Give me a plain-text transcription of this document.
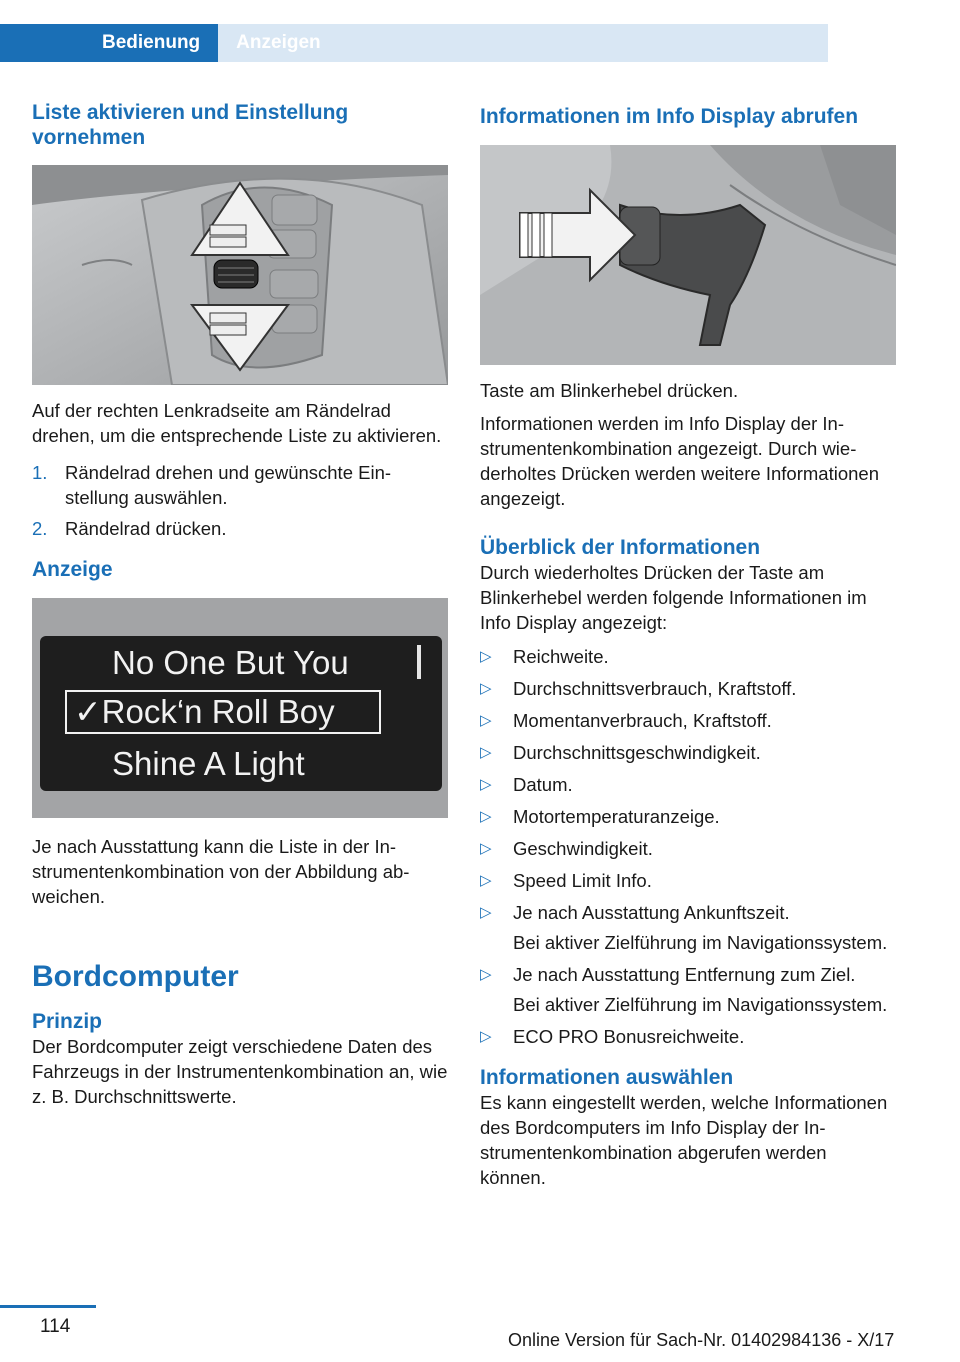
Bedienung	Anzeigen
Liste aktivieren und Einstellung vornehmen

Auf der rechten Lenkradseite am Rändelrad drehen, um die entsprechende Liste zu aktivieren.

1. Rändelrad drehen und gewünschte Einstellung auswählen.
2. Rändelrad drücken.
Anzeige
No One But You
✓Rock‘n Roll Boy
Shine A Light

Je nach Ausstattung kann die Liste in der Instrumentenkombination von der Abbildung abweichen.

Bordcomputer
Prinzip

Der Bordcomputer zeigt verschiedene Daten des Fahrzeugs in der Instrumentenkombination an, wie z. B. Durchschnittswerte.

Informationen im Info Display abrufen

Taste am Blinkerhebel drücken.

Informationen werden im Info Display der Instrumentenkombination angezeigt. Durch wiederholtes Drücken werden weitere Informationen angezeigt.

Überblick der Informationen

Durch wiederholtes Drücken der Taste am Blinkerhebel werden folgende Informationen im Info Display angezeigt:

▷ Reichweite.
▷ Durchschnittsverbrauch, Kraftstoff.
▷ Momentanverbrauch, Kraftstoff.
▷ Durchschnittsgeschwindigkeit.
▷ Datum.
▷ Motortemperaturanzeige.
▷ Geschwindigkeit.
▷ Speed Limit Info.
▷ Je nach Ausstattung Ankunftszeit.
Bei aktiver Zielführung im Navigationssystem.
▷ Je nach Ausstattung Entfernung zum Ziel.
Bei aktiver Zielführung im Navigationssystem.
▷ ECO PRO Bonusreichweite.
Informationen auswählen

Es kann eingestellt werden, welche Informationen des Bordcomputers im Info Display der Instrumentenkombination abgerufen werden können.

114
Online Version für Sach-Nr. 01402984136 - X/17
